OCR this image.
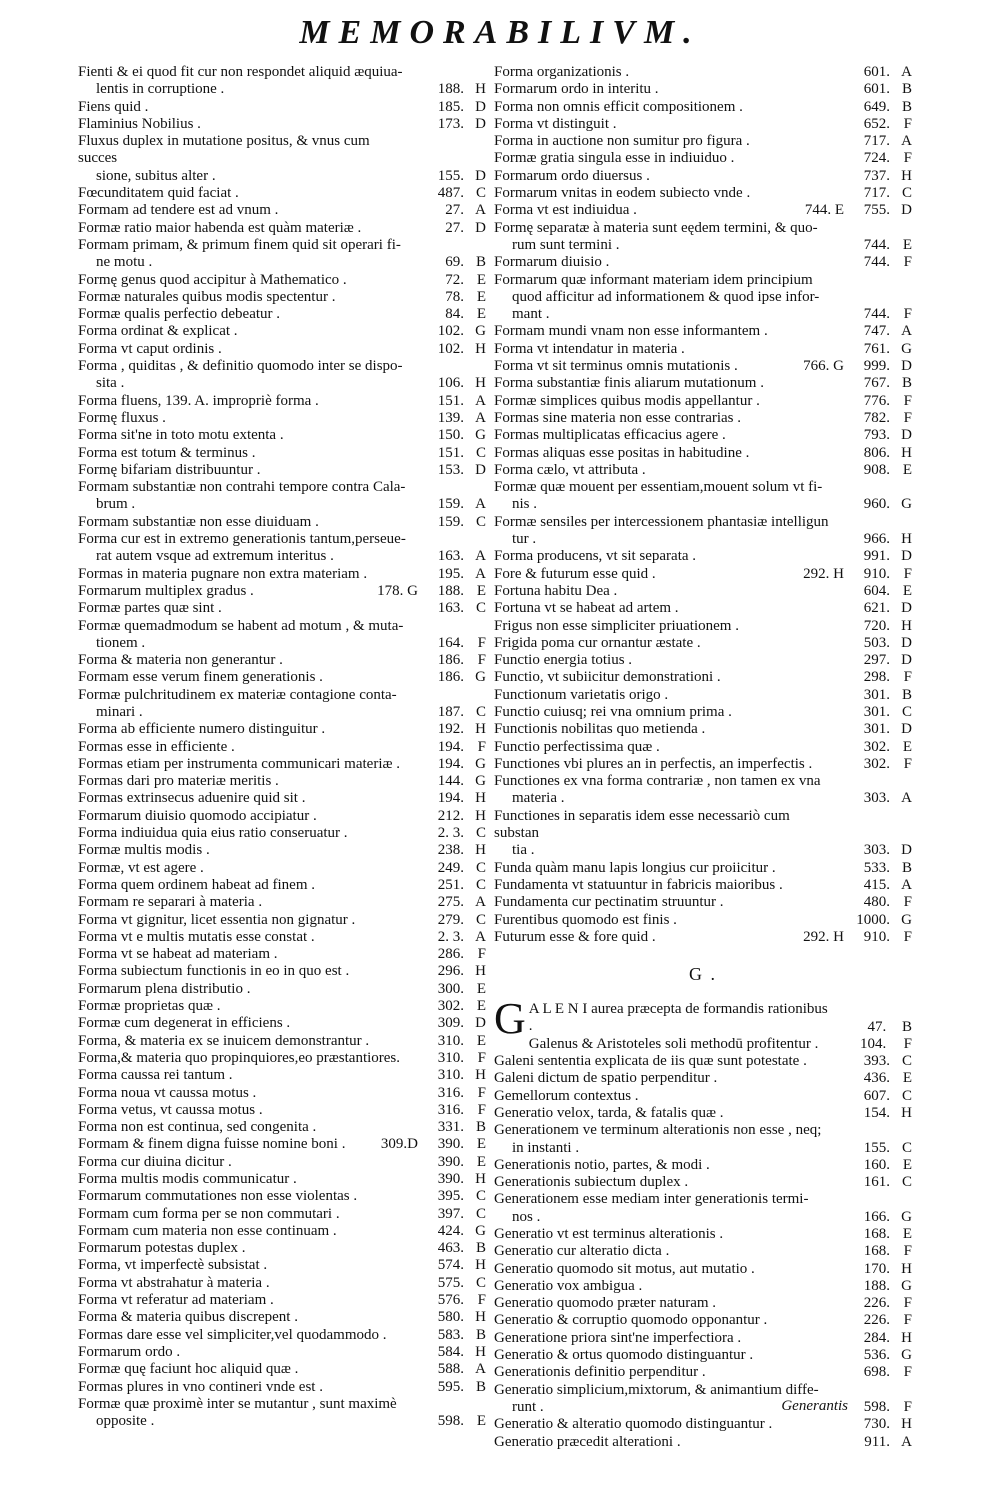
MEMORABILIVM.
Fienti & ei quod fit cur non respondet aliquid æquiua-
lentis in corruptione .	188. H
Fiens quid .	185. D
Flaminius Nobilius .	173. D
Fluxus duplex in mutatione positus, & vnus cum succes
sione, subitus alter .	155. D
Fœcunditatem quid faciat .	487. C
Formam ad tendere est ad vnum .	27. A
Formæ ratio maior habenda est quàm materiæ .	27. D
Formam primam, & primum finem quid sit operari fi-
ne motu .	69. B
Formę genus quod accipitur à Mathematico .	72. E
Formæ naturales quibus modis spectentur .	78. E
Formæ qualis perfectio debeatur .	84. E
Forma ordinat & explicat .	102. G
Forma vt caput ordinis .	102. H
Forma , quiditas , & definitio quomodo inter se dispo-
sita .	106. H
Forma fluens, 139. A. impropriè forma .	151. A
Formę fluxus .	139. A
Forma sit'ne in toto motu extenta .	150. G
Forma est totum & terminus .	151. C
Formę bifariam distribuuntur .	153. D
Formam substantiæ non contrahi tempore contra Cala-
brum .	159. A
Formam substantiæ non esse diuiduam .	159. C
Forma cur est in extremo generationis tantum,perseue-
rat autem vsque ad extremum interitus .	163. A
Formas in materia pugnare non extra materiam .	195. A
Formarum multiplex gradus .	178. G 188. E
Formæ partes quæ sint .	163. C
Formæ quemadmodum se habent ad motum , & muta-
tionem .	164. F
Forma & materia non generantur .	186. F
Formam esse verum finem generationis .	186. G
Formæ pulchritudinem ex materiæ contagione conta-
minari .	187. C
Forma ab efficiente numero distinguitur .	192. H
Formas esse in efficiente .	194. F
Formas etiam per instrumenta communicari materiæ .	194. G
Formas dari pro materiæ meritis .	144. G
Formas extrinsecus aduenire quid sit .	194. H
Formarum diuisio quomodo accipiatur .	212. H
Forma indiuidua quia eius ratio conseruatur .	2. 3. C
Formæ multis modis .	238. H
Formæ, vt est agere .	249. C
Forma quem ordinem habeat ad finem .	251. C
Formam re separari à materia .	275. A
Forma vt gignitur, licet essentia non gignatur .	279. C
Forma vt e multis mutatis esse constat .	2. 3. A
Forma vt se habeat ad materiam .	286. F
Forma subiectum functionis in eo in quo est .	296. H
Formarum plena distributio .	300. E
Formæ proprietas quæ .	302. E
Formæ cum degenerat in efficiens .	309. D
Forma, & materia ex se inuicem demonstrantur .	310. E
Forma,& materia quo propinquiores,eo præstantiores.	310. F
Forma caussa rei tantum .	310. H
Forma noua vt caussa motus .	316. F
Forma vetus, vt caussa motus .	316. F
Forma non est continua, sed congenita .	331. B
Formam & finem digna fuisse nomine boni .	309.D 390. E
Forma cur diuina dicitur .	390. E
Forma multis modis communicatur .	390. H
Formarum commutationes non esse violentas .	395. C
Formam cum forma per se non commutari .	397. C
Formam cum materia non esse continuam .	424. G
Formarum potestas duplex .	463. B
Forma, vt imperfectè subsistat .	574. H
Forma vt abstrahatur à materia .	575. C
Forma vt referatur ad materiam .	576. F
Forma & materia quibus discrepent .	580. H
Formas dare esse vel simpliciter,vel quodammodo .	583. B
Formarum ordo .	584. H
Formæ quę faciunt hoc aliquid quæ .	588. A
Formas plures in vno contineri vnde est .	595. B
Formæ quæ proximè inter se mutantur , sunt maximè
opposite .	598. E
Forma organizationis .	601. A
Formarum ordo in interitu .	601. B
Forma non omnis efficit compositionem .	649. B
Forma vt distinguit .	652. F
Forma in auctione non sumitur pro figura .	717. A
Formæ gratia singula esse in indiuiduo .	724. F
Formarum ordo diuersus .	737. H
Formarum vnitas in eodem subiecto vnde .	717. C
Forma vt est indiuidua .	744. E 755. D
Formę separatæ à materia sunt eędem termini, & quo-
rum sunt termini .	744. E
Formarum diuisio .	744. F
Formarum quæ informant materiam idem principium
quod afficitur ad informationem & quod ipse infor-
mant .	744. F
Formam mundi vnam non esse informantem .	747. A
Forma vt intendatur in materia .	761. G
Forma vt sit terminus omnis mutationis .	766. G 999. D
Forma substantiæ finis aliarum mutationum .	767. B
Formæ simplices quibus modis appellantur .	776. F
Formas sine materia non esse contrarias .	782. F
Formas multiplicatas efficacius agere .	793. D
Formas aliquas esse positas in habitudine .	806. H
Forma cælo, vt attributa .	908. E
Formæ quæ mouent per essentiam,mouent solum vt fi-
nis .	960. G
Formæ sensiles per intercessionem phantasiæ intelligun
tur .	966. H
Forma producens, vt sit separata .	991. D
Fore & futurum esse quid .	292. H 910. F
Fortuna habitu Dea .	604. E
Fortuna vt se habeat ad artem .	621. D
Frigus non esse simpliciter priuationem .	720. H
Frigida poma cur ornantur æstate .	503. D
Functio energia totius .	297. D
Functio, vt subiicitur demonstrationi .	298. F
Functionum varietatis origo .	301. B
Functio cuiusq; rei vna omnium prima .	301. C
Functionis nobilitas quo metienda .	301. D
Functio perfectissima quæ .	302. E
Functiones vbi plures an in perfectis, an imperfectis .	302. F
Functiones ex vna forma contrariæ , non tamen ex vna
materia .	303. A
Functiones in separatis idem esse necessariò cum substan
tia .	303. D
Funda quàm manu lapis longius cur proiicitur .	533. B
Fundamenta vt statuuntur in fabricis maioribus .	415. A
Fundamenta cur pectinatim struuntur .	480. F
Furentibus quomodo est finis .	1000. G
Futurum esse & fore quid .	292. H 910. F
G .
G A L E N I aurea præcepta de formandis rationibus .	47. B
Galenus & Aristoteles soli methodū profitentur .	104. F
Galeni sententia explicata de iis quæ sunt potestate .	393. C
Galeni dictum de spatio perpenditur .	436. E
Gemellorum contextus .	607. C
Generatio velox, tarda, & fatalis quæ .	154. H
Generationem ve terminum alterationis non esse , neq;
in instanti .	155. C
Generationis notio, partes, & modi .	160. E
Generationis subiectum duplex .	161. C
Generationem esse mediam inter generationis termi-
nos .	166. G
Generatio vt est terminus alterationis .	168. E
Generatio cur alteratio dicta .	168. F
Generatio quomodo sit motus, aut mutatio .	170. H
Generatio vox ambigua .	188. G
Generatio quomodo præter naturam .	226. F
Generatio & corruptio quomodo opponantur .	226. F
Generatione priora sint'ne imperfectiora .	284. H
Generatio & ortus quomodo distinguantur .	536. G
Generationis definitio perpenditur .	698. F
Generatio simplicium,mixtorum, & animantium diffe-
runt .	598. F
Generatio & alteratio quomodo distinguantur .	730. H
Generatio præcedit alterationi .	911. A
Generantis
